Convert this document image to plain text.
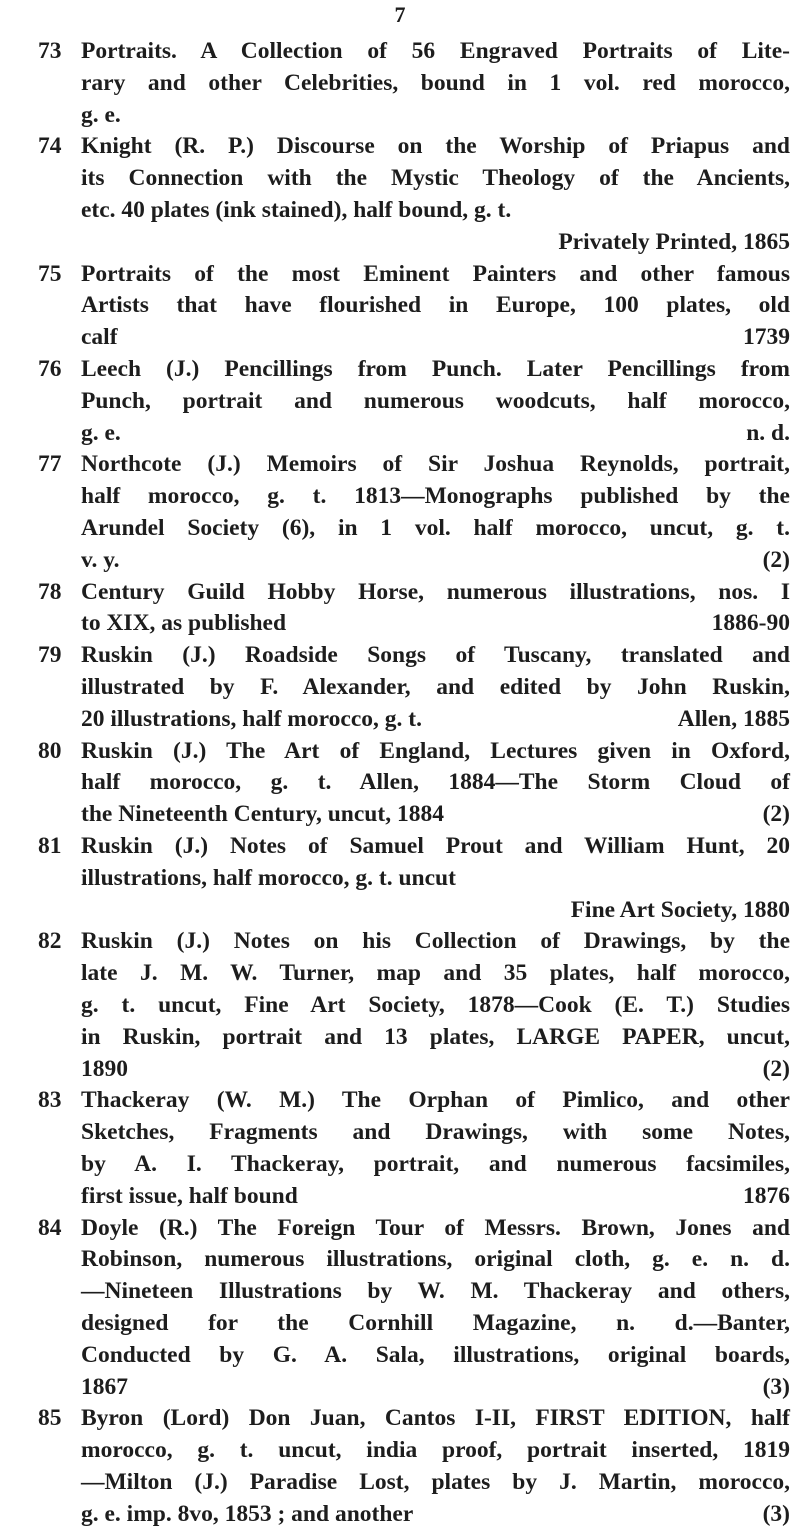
7
73 Portraits. A Collection of 56 Engraved Portraits of Lite-
rary and other Celebrities, bound in 1 vol. red morocco,
g. e.
74 Knight (R. P.) Discourse on the Worship of Priapus and
its Connection with the Mystic Theology of the Ancients,
etc. 40 plates (ink stained), half bound, g. t.
Privately Printed, 1865
75 Portraits of the most Eminent Painters and other famous
Artists that have flourished in Europe, 100 plates, old
calf	1739
76 Leech (J.) Pencillings from Punch. Later Pencillings from
Punch, portrait and numerous woodcuts, half morocco,
g. e.	n. d.
77 Northcote (J.) Memoirs of Sir Joshua Reynolds, portrait,
half morocco, g. t. 1813—Monographs published by the
Arundel Society (6), in 1 vol. half morocco, uncut, g. t.
v. y.	(2)
78 Century Guild Hobby Horse, numerous illustrations, nos. I
to XIX, as published	1886-90
79 Ruskin (J.) Roadside Songs of Tuscany, translated and
illustrated by F. Alexander, and edited by John Ruskin,
20 illustrations, half morocco, g. t.	Allen, 1885
80 Ruskin (J.) The Art of England, Lectures given in Oxford,
half morocco, g. t. Allen, 1884—The Storm Cloud of
the Nineteenth Century, uncut, 1884	(2)
81 Ruskin (J.) Notes of Samuel Prout and William Hunt, 20
illustrations, half morocco, g. t. uncut
Fine Art Society, 1880
82 Ruskin (J.) Notes on his Collection of Drawings, by the
late J. M. W. Turner, map and 35 plates, half morocco,
g. t. uncut, Fine Art Society, 1878—Cook (E. T.) Studies
in Ruskin, portrait and 13 plates, LARGE PAPER, uncut,
1890	(2)
83 Thackeray (W. M.) The Orphan of Pimlico, and other
Sketches, Fragments and Drawings, with some Notes,
by A. I. Thackeray, portrait, and numerous facsimiles,
first issue, half bound	1876
84 Doyle (R.) The Foreign Tour of Messrs. Brown, Jones and
Robinson, numerous illustrations, original cloth, g. e. n. d.
—Nineteen Illustrations by W. M. Thackeray and others,
designed for the Cornhill Magazine, n. d.—Banter,
Conducted by G. A. Sala, illustrations, original boards,
1867	(3)
85 Byron (Lord) Don Juan, Cantos I-II, FIRST EDITION, half
morocco, g. t. uncut, india proof, portrait inserted, 1819
—Milton (J.) Paradise Lost, plates by J. Martin, morocco,
g. e. imp. 8vo, 1853 ; and another	(3)
